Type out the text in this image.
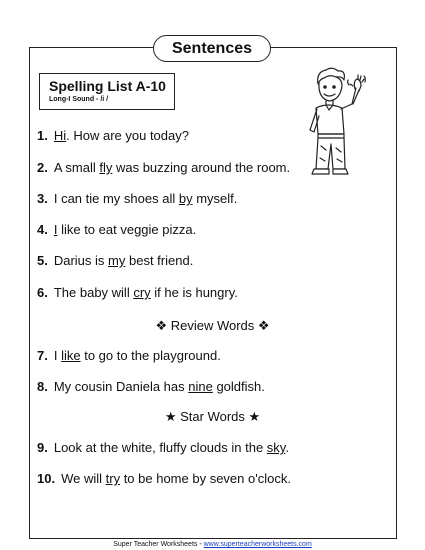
Sentences
Spelling List A-10
Long-I Sound - /i /
1. Hi. How are you today?
2. A small fly was buzzing around the room.
3. I can tie my shoes all by myself.
4. I like to eat veggie pizza.
5. Darius is my best friend.
6. The baby will cry if he is hungry.
❖ Review Words ❖
7. I like to go to the playground.
8. My cousin Daniela has nine goldfish.
★ Star Words ★
9. Look at the white, fluffy clouds in the sky.
10. We will try to be home by seven o'clock.
Super Teacher Worksheets - www.superteacherworksheets.com
